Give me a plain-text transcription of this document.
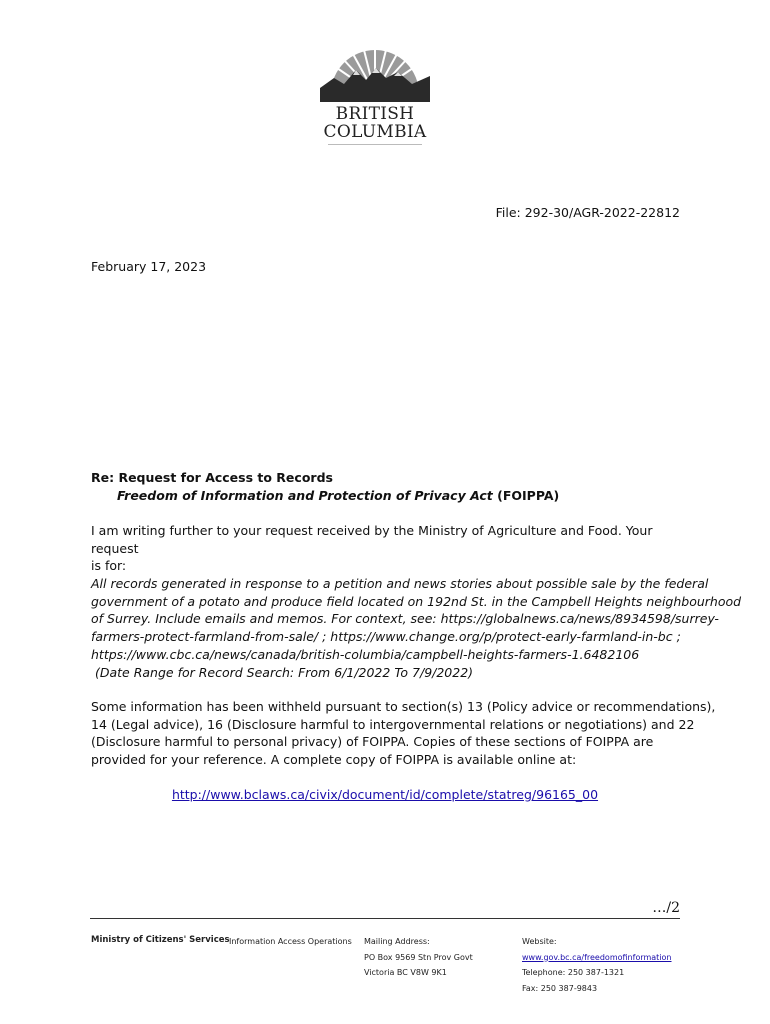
BRITISH
COLUMBIA
File: 292-30/AGR-2022-22812
February 17, 2023
Re: Request for Access to Records
Freedom of Information and Protection of Privacy Act (FOIPPA)
I am writing further to your request received by the Ministry of Agriculture and Food. Your request
is for:
All records generated in response to a petition and news stories about possible sale by the federal
government of a potato and produce field located on 192nd St. in the Campbell Heights neighbourhood
of Surrey. Include emails and memos. For context, see: https://globalnews.ca/news/8934598/surrey-
farmers-protect-farmland-from-sale/ ; https://www.change.org/p/protect-early-farmland-in-bc ;
https://www.cbc.ca/news/canada/british-columbia/campbell-heights-farmers-1.6482106
(Date Range for Record Search: From 6/1/2022 To 7/9/2022)
Some information has been withheld pursuant to section(s) 13 (Policy advice or recommendations),
14 (Legal advice), 16 (Disclosure harmful to intergovernmental relations or negotiations) and 22
(Disclosure harmful to personal privacy) of FOIPPA. Copies of these sections of FOIPPA are
provided for your reference. A complete copy of FOIPPA is available online at:
http://www.bclaws.ca/civix/document/id/complete/statreg/96165_00
…/2
Ministry of Citizens' Services Information Access Operations Mailing Address:
PO Box 9569 Stn Prov Govt
Victoria BC V8W 9K1
Website:
www.gov.bc.ca/freedomofinformation
Telephone: 250 387-1321
Fax: 250 387-9843
